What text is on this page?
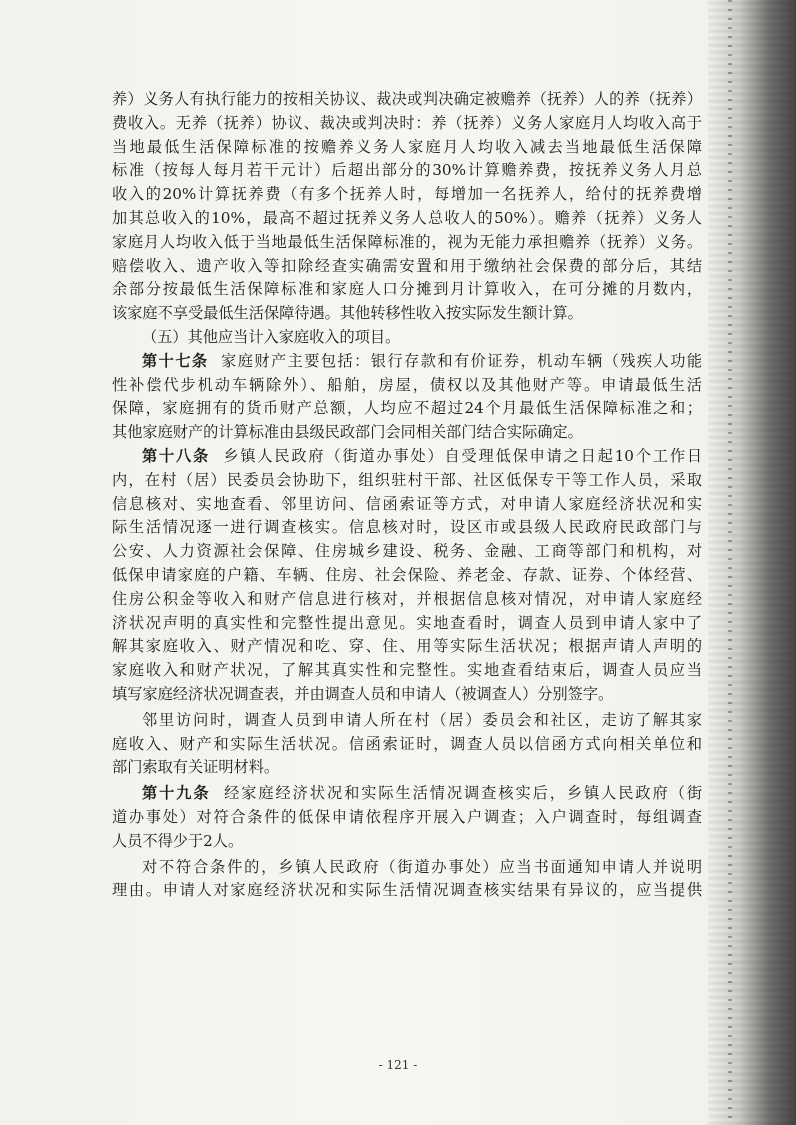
养）义务人有执行能力的按相关协议、裁决或判决确定被赡养（抚养）人的养（抚养）
费收入。无养（抚养）协议、裁决或判决时：养（抚养）义务人家庭月人均收入高于
当地最低生活保障标准的按赡养义务人家庭月人均收入减去当地最低生活保障
标准（按每人每月若干元计）后超出部分的30%计算赡养费，按抚养义务人月总
收入的20%计算抚养费（有多个抚养人时，每增加一名抚养人，给付的抚养费增
加其总收入的10%，最高不超过抚养义务人总收人的50%）。赡养（抚养）义务人
家庭月人均收入低于当地最低生活保障标准的，视为无能力承担赡养（抚养）义务。
赔偿收入、遗产收入等扣除经查实确需安置和用于缴纳社会保费的部分后，其结
余部分按最低生活保障标准和家庭人口分摊到月计算收入，在可分摊的月数内，
该家庭不享受最低生活保障待遇。其他转移性收入按实际发生额计算。
（五）其他应当计入家庭收入的项目。
第十七条 家庭财产主要包括：银行存款和有价证券，机动车辆（残疾人功能
性补偿代步机动车辆除外）、船舶，房屋，债权以及其他财产等。申请最低生活
保障，家庭拥有的货币财产总额，人均应不超过24个月最低生活保障标准之和；
其他家庭财产的计算标准由县级民政部门会同相关部门结合实际确定。
第十八条 乡镇人民政府（街道办事处）自受理低保申请之日起10个工作日
内，在村（居）民委员会协助下，组织驻村干部、社区低保专干等工作人员，采取
信息核对、实地查看、邻里访问、信函索证等方式，对申请人家庭经济状况和实
际生活情况逐一进行调查核实。信息核对时，设区市或县级人民政府民政部门与
公安、人力资源社会保障、住房城乡建设、税务、金融、工商等部门和机构，对
低保申请家庭的户籍、车辆、住房、社会保险、养老金、存款、证券、个体经营、
住房公积金等收入和财产信息进行核对，并根据信息核对情况，对申请人家庭经
济状况声明的真实性和完整性提出意见。实地查看时，调查人员到申请人家中了
解其家庭收入、财产情况和吃、穿、住、用等实际生活状况；根据声请人声明的
家庭收入和财产状况，了解其真实性和完整性。实地查看结束后，调查人员应当
填写家庭经济状况调查表，并由调查人员和申请人（被调查人）分别签字。
邻里访问时，调查人员到申请人所在村（居）委员会和社区，走访了解其家
庭收入、财产和实际生活状况。信函索证时，调查人员以信函方式向相关单位和
部门索取有关证明材料。
第十九条 经家庭经济状况和实际生活情况调查核实后，乡镇人民政府（街
道办事处）对符合条件的低保申请依程序开展入户调查；入户调查时，每组调查
人员不得少于2人。
对不符合条件的，乡镇人民政府（街道办事处）应当书面通知申请人并说明
理由。申请人对家庭经济状况和实际生活情况调查核实结果有异议的，应当提供
- 121 -
